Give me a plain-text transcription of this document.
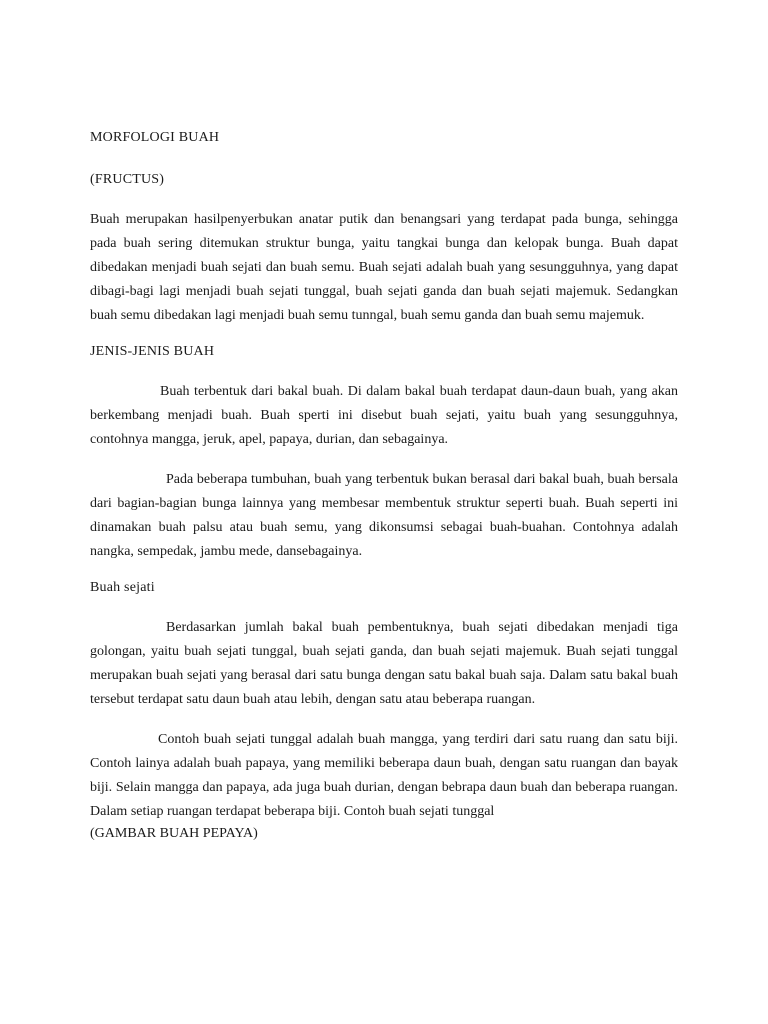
MORFOLOGI BUAH

(FRUCTUS)

Buah merupakan hasilpenyerbukan anatar putik dan benangsari yang terdapat pada bunga, sehingga pada buah sering ditemukan struktur bunga, yaitu tangkai bunga dan kelopak bunga. Buah dapat dibedakan menjadi buah sejati dan buah semu. Buah sejati adalah buah yang sesungguhnya, yang dapat dibagi-bagi lagi menjadi buah sejati tunggal, buah sejati ganda dan buah sejati majemuk. Sedangkan buah semu dibedakan lagi menjadi buah semu tunngal, buah semu ganda dan buah semu majemuk.

JENIS-JENIS BUAH

Buah terbentuk dari bakal buah. Di dalam bakal buah terdapat daun-daun buah, yang akan berkembang menjadi buah. Buah sperti ini disebut buah sejati, yaitu buah yang sesungguhnya, contohnya mangga, jeruk, apel, papaya, durian, dan sebagainya.

Pada beberapa tumbuhan, buah yang terbentuk bukan berasal dari bakal buah, buah bersala dari bagian-bagian bunga lainnya yang membesar membentuk struktur seperti buah. Buah seperti ini dinamakan buah palsu atau buah semu, yang dikonsumsi sebagai buah-buahan. Contohnya adalah nangka, sempedak, jambu mede, dansebagainya.

Buah sejati

Berdasarkan jumlah bakal buah pembentuknya, buah sejati dibedakan menjadi tiga golongan, yaitu buah sejati tunggal, buah sejati ganda, dan buah sejati majemuk. Buah sejati tunggal merupakan buah sejati yang berasal dari satu bunga dengan satu bakal buah saja. Dalam satu bakal buah tersebut terdapat satu daun buah atau lebih, dengan satu atau beberapa ruangan.

Contoh buah sejati tunggal adalah buah mangga, yang terdiri dari satu ruang dan satu biji. Contoh lainya adalah buah papaya, yang memiliki beberapa daun buah, dengan satu ruangan dan bayak biji. Selain mangga dan papaya, ada juga buah durian, dengan bebrapa daun buah dan beberapa ruangan. Dalam setiap ruangan terdapat beberapa biji. Contoh buah sejati tunggal

(GAMBAR BUAH PEPAYA)
